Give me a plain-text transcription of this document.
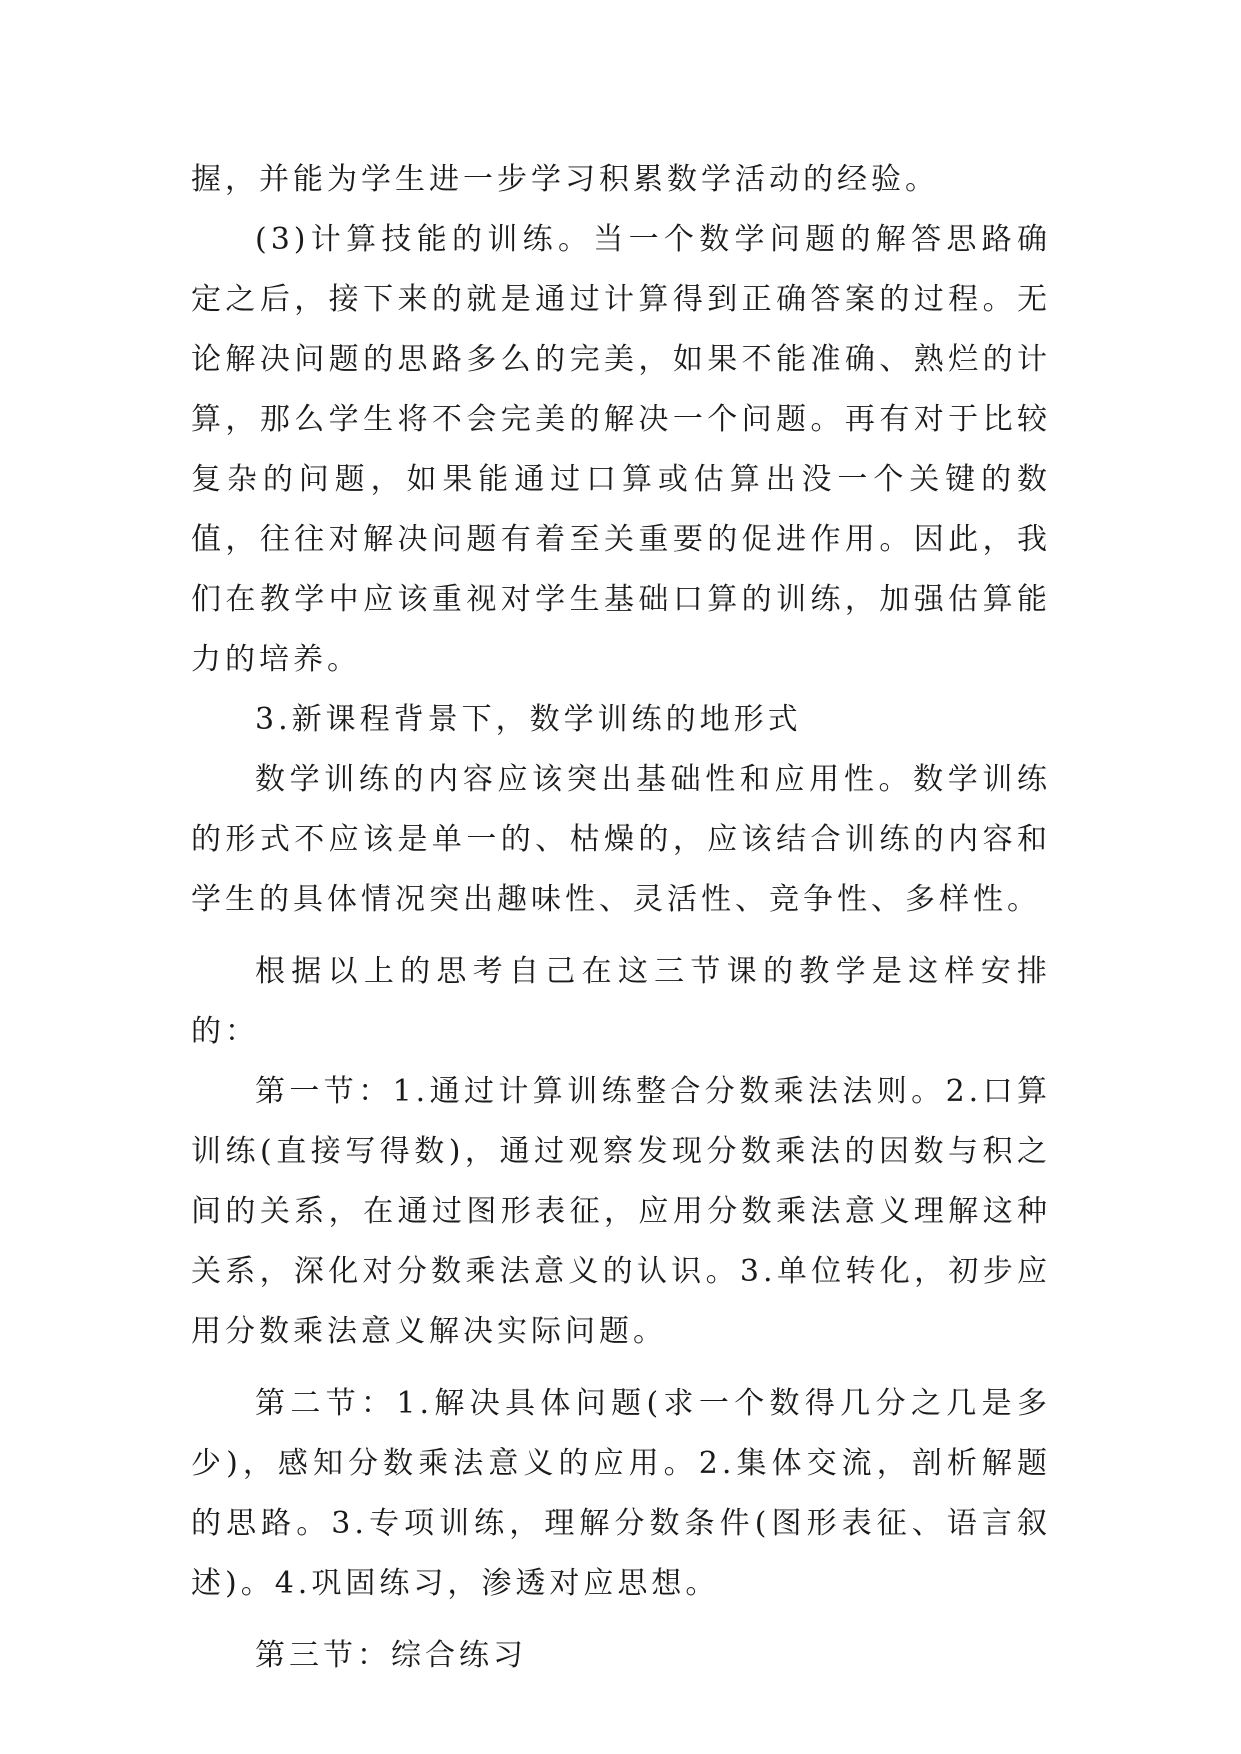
握，并能为学生进一步学习积累数学活动的经验。

(3)计算技能的训练。当一个数学问题的解答思路确定之后，接下来的就是通过计算得到正确答案的过程。无论解决问题的思路多么的完美，如果不能准确、熟烂的计算，那么学生将不会完美的解决一个问题。再有对于比较复杂的问题，如果能通过口算或估算出没一个关键的数值，往往对解决问题有着至关重要的促进作用。因此，我们在教学中应该重视对学生基础口算的训练，加强估算能力的培养。

3.新课程背景下，数学训练的地形式

数学训练的内容应该突出基础性和应用性。数学训练的形式不应该是单一的、枯燥的，应该结合训练的内容和学生的具体情况突出趣味性、灵活性、竞争性、多样性。

根据以上的思考自己在这三节课的教学是这样安排的：

第一节：1.通过计算训练整合分数乘法法则。2.口算训练(直接写得数)，通过观察发现分数乘法的因数与积之间的关系，在通过图形表征，应用分数乘法意义理解这种关系，深化对分数乘法意义的认识。3.单位转化，初步应用分数乘法意义解决实际问题。

第二节：1.解决具体问题(求一个数得几分之几是多少)，感知分数乘法意义的应用。2.集体交流，剖析解题的思路。3.专项训练，理解分数条件(图形表征、语言叙述)。4.巩固练习，渗透对应思想。

第三节：综合练习
